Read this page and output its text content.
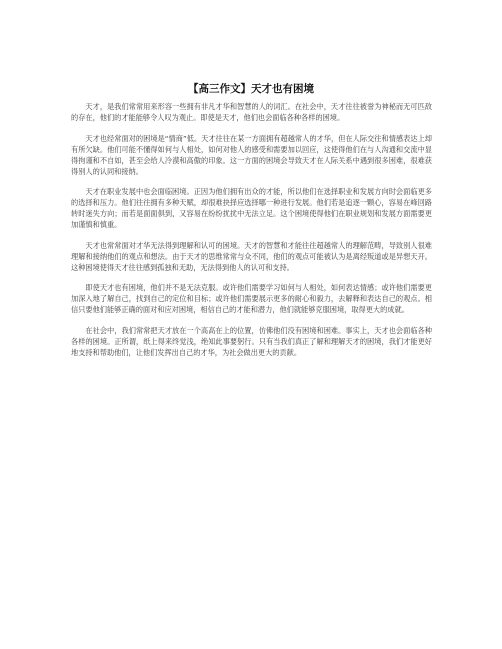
【高三作文】天才也有困境

天才，是我们常常用来形容一些拥有非凡才华和智慧的人的词汇。在社会中，天才往往被誉为神秘而无可匹敌的存在，他们的才能能够令人叹为观止。即使是天才，他们也会面临各种各样的困境。

天才也经常面对的困境是“情商”低。天才往往在某一方面拥有超越常人的才华，但在人际交往和情感表达上却有所欠缺。他们可能不懂得如何与人相处，如何对他人的感受和需要加以回应，这使得他们在与人沟通和交流中显得拘谨和不自如，甚至会给人冷漠和高傲的印象。这一方面的困境会导致天才在人际关系中遇到很多困难，很难获得别人的认同和接纳。

天才在职业发展中也会面临困境。正因为他们拥有出众的才能，所以他们在选择职业和发展方向时会面临更多的选择和压力。他们往往拥有多种天赋，却很难抉择应选择哪一种进行发展。他们若是追逐一颗心，容易在峰回路转时迷失方向；而若是面面俱到，又容易在纷纷扰扰中无法立足。这个困境使得他们在职业规划和发展方面需要更加谨慎和慎重。

天才也常常面对才华无法得到理解和认可的困境。天才的智慧和才能往往超越常人的理解范畴，导致别人很难理解和接纳他们的观点和想法。由于天才的思维常常与众不同，他们的观点可能被认为是离经叛道或是异想天开。这种困境使得天才往往感到孤独和无助，无法得到他人的认可和支持。

即使天才也有困境，他们并不是无法克服。或许他们需要学习如何与人相处，如何表达情感；或许他们需要更加深入地了解自己，找到自己的定位和目标；或许他们需要展示更多的耐心和毅力，去解释和表达自己的观点。相信只要他们能够正确的面对和应对困境，相信自己的才能和潜力，他们就能够克服困境，取得更大的成就。

在社会中，我们常常把天才放在一个高高在上的位置，仿佛他们没有困境和困难。事实上，天才也会面临各种各样的困境。正所谓，纸上得来终觉浅，绝知此事要躬行。只有当我们真正了解和理解天才的困境，我们才能更好地支持和帮助他们，让他们发挥出自己的才华，为社会做出更大的贡献。
